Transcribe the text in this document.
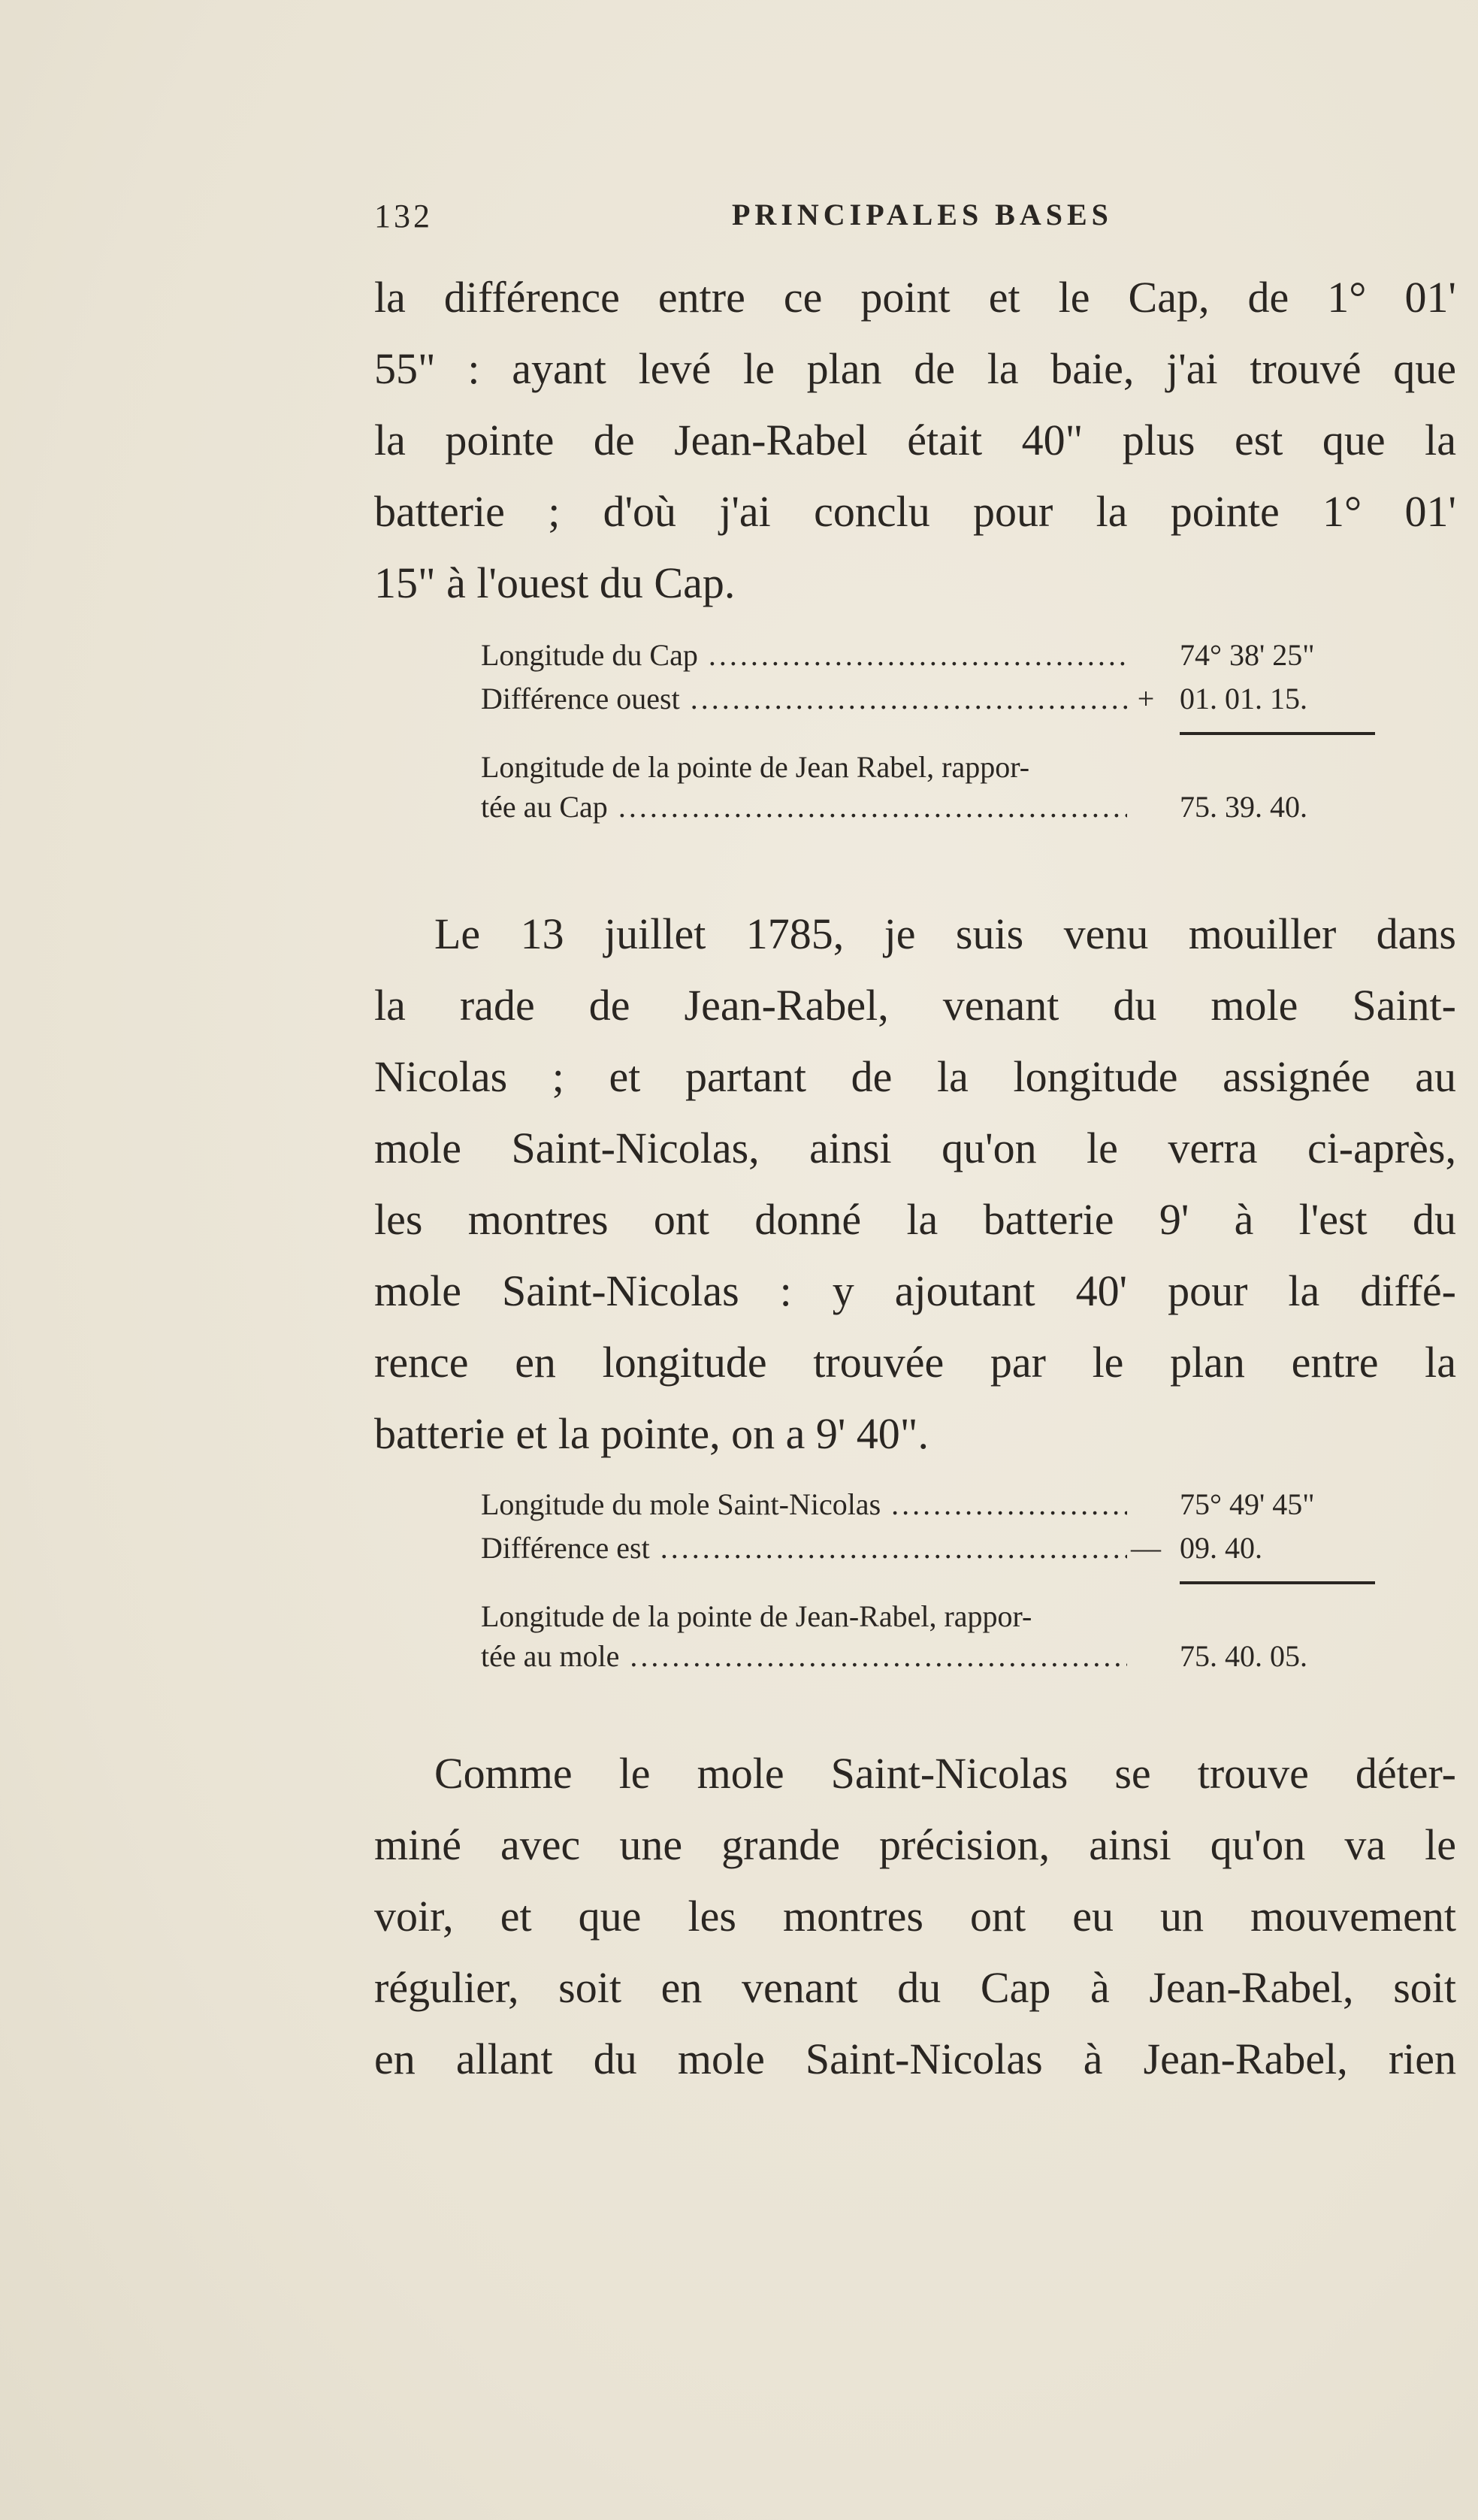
132	PRINCIPALES BASES
la différence entre ce point et le Cap, de 1° 01'
55" : ayant levé le plan de la baie, j'ai trouvé que
la pointe de Jean-Rabel était 40" plus est que la
batterie ; d'où j'ai conclu pour la pointe 1° 01'
15" à l'ouest du Cap.
Longitude du Cap .....	74° 38' 25"
Différence ouest .....	+ 01. 01. 15.
Longitude de la pointe de Jean Rabel, rappor-
tée au Cap .....	75. 39. 40.
Le 13 juillet 1785, je suis venu mouiller dans
la rade de Jean-Rabel, venant du mole Saint-
Nicolas ; et partant de la longitude assignée au
mole Saint-Nicolas, ainsi qu'on le verra ci-après,
les montres ont donné la batterie 9' à l'est du
mole Saint-Nicolas : y ajoutant 40' pour la diffé-
rence en longitude trouvée par le plan entre la
batterie et la pointe, on a 9' 40".
Longitude du mole Saint-Nicolas .....	75° 49' 45"
Différence est .....	— 09. 40.
Longitude de la pointe de Jean-Rabel, rappor-
tée au mole .....	75. 40. 05.
Comme le mole Saint-Nicolas se trouve déter-
miné avec une grande précision, ainsi qu'on va le
voir, et que les montres ont eu un mouvement
régulier, soit en venant du Cap à Jean-Rabel, soit
en allant du mole Saint-Nicolas à Jean-Rabel, rien
